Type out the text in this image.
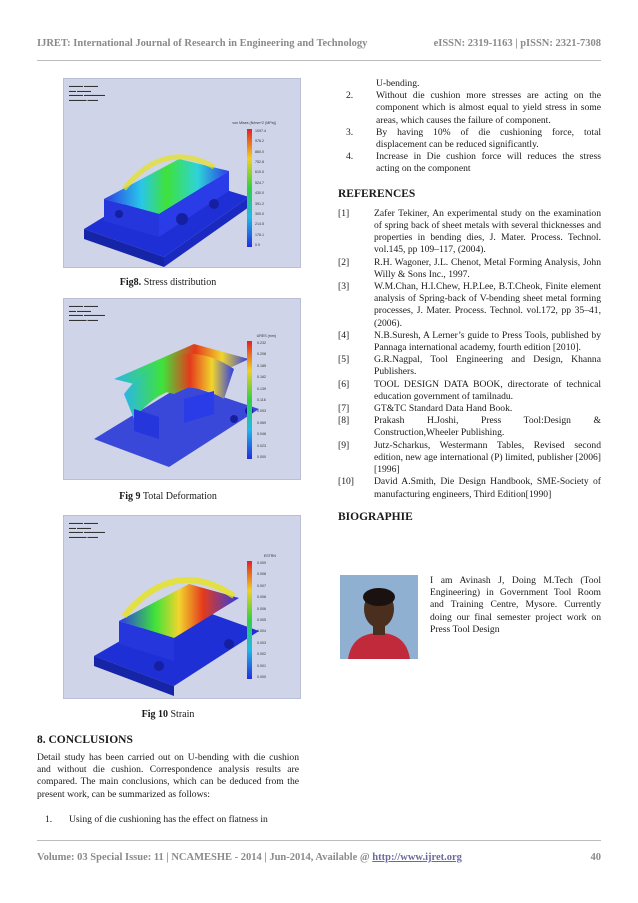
IJRET: International Journal of Research in Engineering and Technology	eISSN: 2319-1163 | pISSN: 2321-7308
▬▬▬▬ ▬▬▬▬
▬▬ ▬▬▬▬
▬▬▬▬ ▬▬▬▬▬▬
▬▬▬▬▬ ▬▬▬
von Mises (N/mm^2 (MPa))
1097.4
976.2
860.0
752.8
610.0
524.7
430.0
391.2
300.0
214.5
176.1
0.9
Fig8. Stress distribution
▬▬▬▬ ▬▬▬▬
▬▬ ▬▬▬▬
▬▬▬▬ ▬▬▬▬▬▬
▬▬▬▬▬ ▬▬▬
URES (mm)
0.232
0.208
0.185
0.162
0.139
0.116
0.093
0.069
0.046
0.023
0.000
Fig 9 Total Deformation
▬▬▬▬ ▬▬▬▬
▬▬ ▬▬▬▬
▬▬▬▬ ▬▬▬▬▬▬
▬▬▬▬▬ ▬▬▬
ESTRN
0.009
0.008
0.007
0.006
0.006
0.005
0.004
0.003
0.002
0.001
0.000
Fig 10 Strain
8. CONCLUSIONS
Detail study has been carried out on U-bending with die cushion and without die cushion. Correspondence analysis results are compared. The main conclusions, which can be deduced from the present work, can be summarized as follows:
1.	Using of die cushioning has the effect on flatness in
U-bending.
2.	Without die cushion more stresses are acting on the component which is almost equal to yield stress in some areas, which causes the failure of component.
3.	By having 10% of die cushioning force, total displacement can be reduced significantly.
4.	Increase in Die cushion force will reduces the stress acting on the component
REFERENCES
[1]	Zafer Tekiner, An experimental study on the examination of spring back of sheet metals with several thicknesses and properties in bending dies, J. Mater. Process. Technol. vol.145, pp 109–117, (2004).
[2]	R.H. Wagoner, J.L. Chenot, Metal Forming Analysis, John Willy & Sons Inc., 1997.
[3]	W.M.Chan, H.I.Chew, H.P.Lee, B.T.Cheok, Finite element analysis of Spring-back of V-bending sheet metal forming processes, J. Mater. Process. Technol. vol.172, pp 35–41, (2006).
[4]	N.B.Suresh, A Lerner’s guide to Press Tools, published by Pannaga international academy, fourth edition [2010].
[5]	G.R.Nagpal, Tool Engineering and Design, Khanna Publishers.
[6]	TOOL DESIGN DATA BOOK, directorate of technical education government of tamilnadu.
[7]	GT&TC Standard Data Hand Book.
[8]	Prakash H.Joshi, Press Tool:Design & Construction,Wheeler Publishing.
[9]	Jutz-Scharkus, Westermann Tables, Revised second edition, new age international (P) limited, publisher [2006] [1996]
[10]	David A.Smith, Die Design Handbook, SME-Society of manufacturing engineers, Third Edition[1990]
BIOGRAPHIE
I am Avinash J, Doing M.Tech (Tool Engineering) in Government Tool Room and Training Centre, Mysore. Currently doing our final semester project work on Press Tool Design
Volume: 03 Special Issue: 11 | NCAMESHE - 2014 | Jun-2014, Available @ http://www.ijret.org	40
